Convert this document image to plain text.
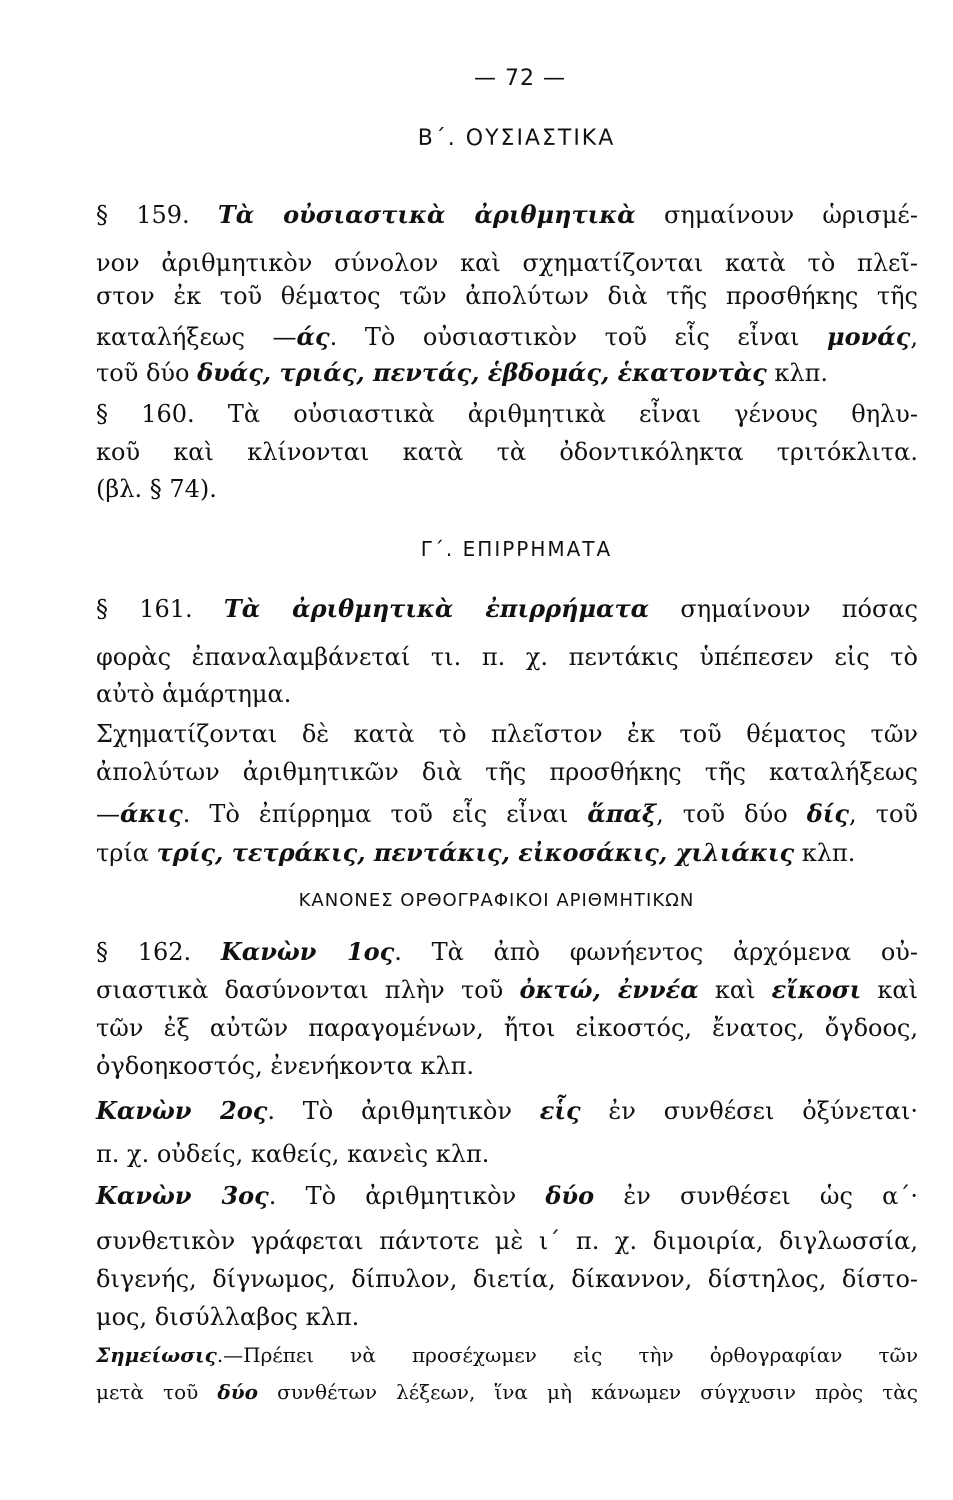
— 72 —
Β΄. ΟΥΣΙΑΣΤΙΚΑ
Γ΄. ΕΠΙΡΡΗΜΑΤΑ
ΚΑΝΟΝΕΣ ΟΡΘΟΓΡΑΦΙΚΟΙ ΑΡΙΘΜΗΤΙΚΩΝ
§ 159. Τὰ οὐσιαστικὰ ἀριθμητικὰ σημαίνουν ὡρισμέ-
νον ἀριθμητικὸν σύνολον καὶ σχηματίζονται κατὰ τὸ πλεῖ-
στον ἐκ τοῦ θέματος τῶν ἀπολύτων διὰ τῆς προσθήκης τῆς
καταλήξεως —άς. Τὸ οὐσιαστικὸν τοῦ εἷς εἶναι μονάς,
τοῦ δύο δυάς, τριάς, πεντάς, ἑβδομάς, ἑκατοντὰς κλπ.
§ 160. Τὰ οὐσιαστικὰ ἀριθμητικὰ εἶναι γένους θηλυ-
κοῦ καὶ κλίνονται κατὰ τὰ ὀδοντικόληκτα τριτόκλιτα.
(βλ. § 74).
§ 161. Τὰ ἀριθμητικὰ ἐπιρρήματα σημαίνουν πόσας
φορὰς ἐπαναλαμβάνεταί τι. π. χ. πεντάκις ὑπέπεσεν εἰς τὸ
αὐτὸ ἁμάρτημα.
Σχηματίζονται δὲ κατὰ τὸ πλεῖστον ἐκ τοῦ θέματος τῶν
ἀπολύτων ἀριθμητικῶν διὰ τῆς προσθήκης τῆς καταλήξεως
—άκις. Τὸ ἐπίρρημα τοῦ εἷς εἶναι ἅπαξ, τοῦ δύο δίς, τοῦ
τρία τρίς, τετράκις, πεντάκις, εἰκοσάκις, χιλιάκις κλπ.
§ 162. Κανὼν 1ος. Τὰ ἀπὸ φωνήεντος ἀρχόμενα οὐ-
σιαστικὰ δασύνονται πλὴν τοῦ ὀκτώ, ἐννέα καὶ εἴκοσι καὶ
τῶν ἐξ αὐτῶν παραγομένων, ἤτοι εἰκοστός, ἔνατος, ὄγδοος,
ὀγδοηκοστός, ἐνενήκοντα κλπ.
Κανὼν 2ος. Τὸ ἀριθμητικὸν εἷς ἐν συνθέσει ὀξύνεται·
π. χ. οὐδείς, καθείς, κανεὶς κλπ.
Κανὼν 3ος. Τὸ ἀριθμητικὸν δύο ἐν συνθέσει ὡς α΄·
συνθετικὸν γράφεται πάντοτε μὲ ι΄ π. χ. διμοιρία, διγλωσσία,
διγενής, δίγνωμος, δίπυλον, διετία, δίκαννον, δίστηλος, δίστο-
μος, δισύλλαβος κλπ.
Σημείωσις.—Πρέπει νὰ προσέχωμεν εἰς τὴν ὀρθογραφίαν τῶν
μετὰ τοῦ δύο συνθέτων λέξεων, ἵνα μὴ κάνωμεν σύγχυσιν πρὸς τὰς
